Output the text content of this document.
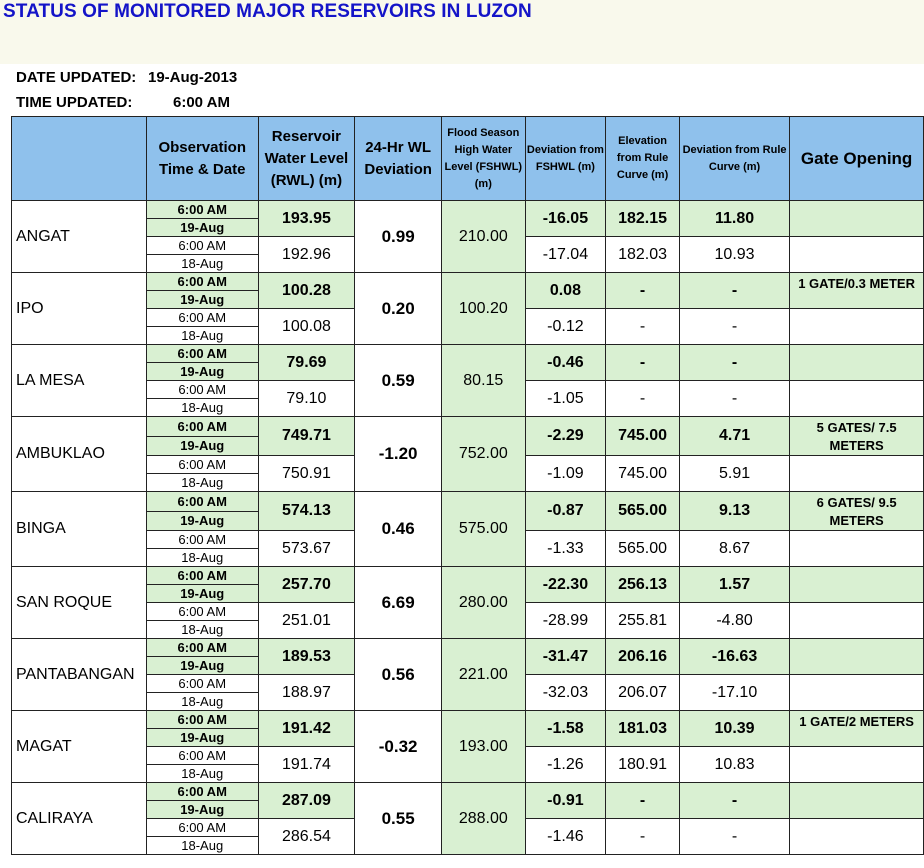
STATUS OF MONITORED MAJOR RESERVOIRS IN LUZON
DATE UPDATED: 19-Aug-2013
TIME UPDATED:	6:00 AM
	Observation Time & Date	Reservoir Water Level (RWL) (m)	24-Hr WL Deviation	Flood Season High Water Level (FSHWL) (m)	Deviation from FSHWL (m)	Elevation from Rule Curve (m)	Deviation from Rule Curve (m)	Gate Opening
ANGAT	6:00 AM	193.95	0.99	210.00	-16.05	182.15	11.80	
	19-Aug							
	6:00 AM	192.96			-17.04	182.03	10.93	
	18-Aug							
IPO	6:00 AM	100.28	0.20	100.20	0.08	-	-	1 GATE/0.3 METER
	19-Aug							
	6:00 AM	100.08			-0.12	-	-	
	18-Aug							
LA MESA	6:00 AM	79.69	0.59	80.15	-0.46	-	-	
	19-Aug							
	6:00 AM	79.10			-1.05	-	-	
	18-Aug							
AMBUKLAO	6:00 AM	749.71	-1.20	752.00	-2.29	745.00	4.71	5 GATES/ 7.5 METERS
	19-Aug							
	6:00 AM	750.91			-1.09	745.00	5.91	
	18-Aug							
BINGA	6:00 AM	574.13	0.46	575.00	-0.87	565.00	9.13	6 GATES/ 9.5 METERS
	19-Aug							
	6:00 AM	573.67			-1.33	565.00	8.67	
	18-Aug							
SAN ROQUE	6:00 AM	257.70	6.69	280.00	-22.30	256.13	1.57	
	19-Aug							
	6:00 AM	251.01			-28.99	255.81	-4.80	
	18-Aug							
PANTABANGAN	6:00 AM	189.53	0.56	221.00	-31.47	206.16	-16.63	
	19-Aug							
	6:00 AM	188.97			-32.03	206.07	-17.10	
	18-Aug							
MAGAT	6:00 AM	191.42	-0.32	193.00	-1.58	181.03	10.39	1 GATE/2 METERS
	19-Aug							
	6:00 AM	191.74			-1.26	180.91	10.83	
	18-Aug							
CALIRAYA	6:00 AM	287.09	0.55	288.00	-0.91	-	-	
	19-Aug							
	6:00 AM	286.54			-1.46	-	-	
	18-Aug							
